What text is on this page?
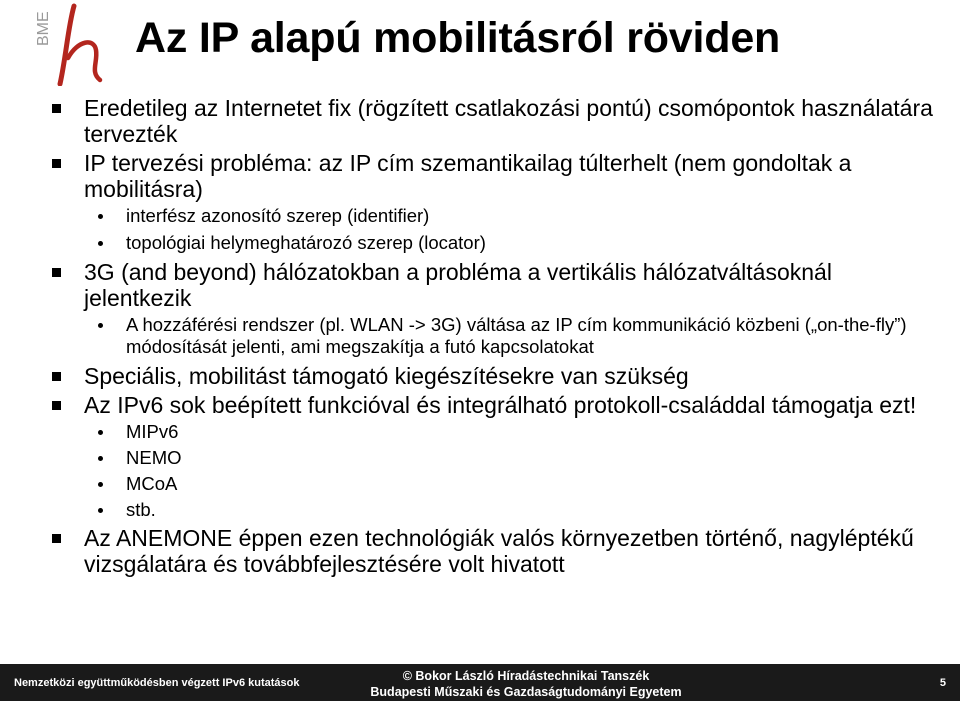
BME Az IP alapú mobilitásról röviden
Eredetileg az Internetet fix (rögzített csatlakozási pontú) csomópontok használatára tervezték
IP tervezési probléma: az IP cím szemantikailag túlterhelt (nem gondoltak a mobilitásra)
interfész azonosító szerep (identifier)
topológiai helymeghatározó szerep (locator)
3G (and beyond) hálózatokban a probléma a vertikális hálózatváltásoknál jelentkezik
A hozzáférési rendszer (pl. WLAN -> 3G) váltása az IP cím kommunikáció közbeni („on-the-fly”) módosítását jelenti, ami megszakítja a futó kapcsolatokat
Speciális, mobilitást támogató kiegészítésekre van szükség
Az IPv6 sok beépített funkcióval és integrálható protokoll-családdal támogatja ezt!
MIPv6
NEMO
MCoA
stb.
Az ANEMONE éppen ezen technológiák valós környezetben történő, nagyléptékű vizsgálatára és továbbfejlesztésére volt hivatott
Nemzetközi együttműködésben végzett IPv6 kutatások	© Bokor László Híradástechnikai Tanszék
Budapesti Műszaki és Gazdaságtudományi Egyetem
5
